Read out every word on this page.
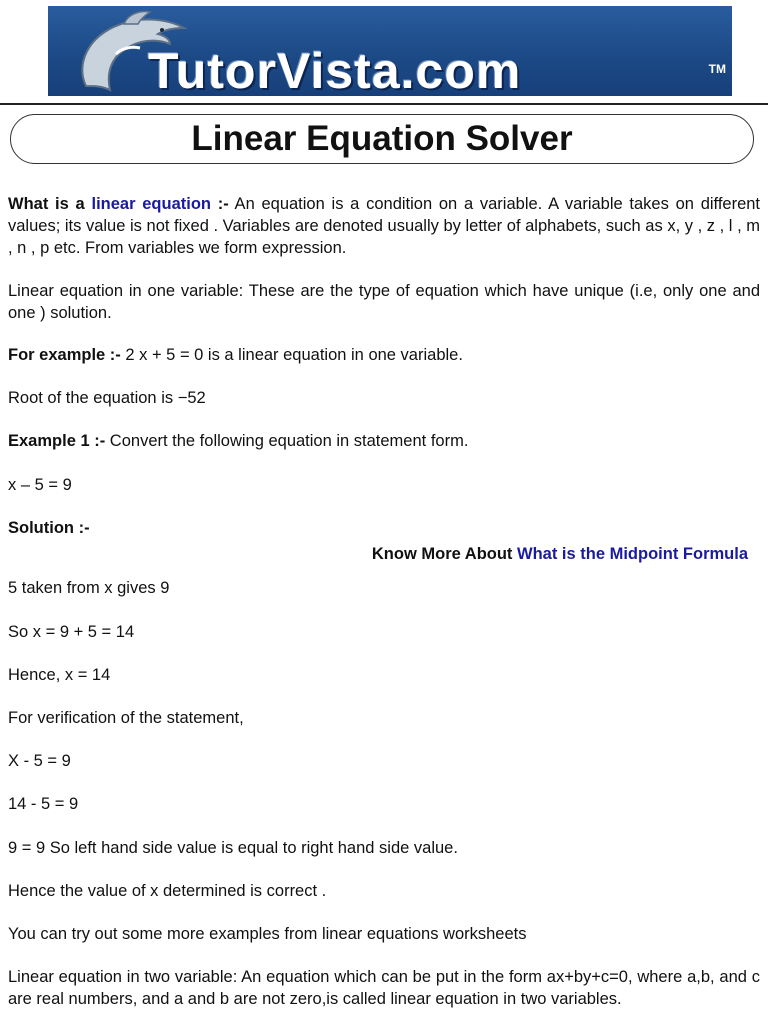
TutorVista.com	TM
Linear Equation Solver

What is a linear equation :- An equation is a condition on a variable. A variable takes on different values; its value is not fixed . Variables are denoted usually by letter of alphabets, such as x, y , z , l , m , n , p etc. From variables we form expression.

Linear equation in one variable: These are the type of equation which have unique (i.e, only one and one ) solution.

For example :- 2 x + 5 = 0 is a linear equation in one variable.

Root of the equation is −52

Example 1 :- Convert the following equation in statement form.

x – 5 = 9

Solution :-

Know More About What is the Midpoint Formula

5 taken from x gives 9

So x = 9 + 5 = 14

Hence, x = 14

For verification of the statement,

X - 5 = 9

14 - 5 = 9

9 = 9 So left hand side value is equal to right hand side value.

Hence the value of x determined is correct .

You can try out some more examples from linear equations worksheets

Linear equation in two variable: An equation which can be put in the form ax+by+c=0, where a,b, and c are real numbers, and a and b are not zero,is called linear equation in two variables.
